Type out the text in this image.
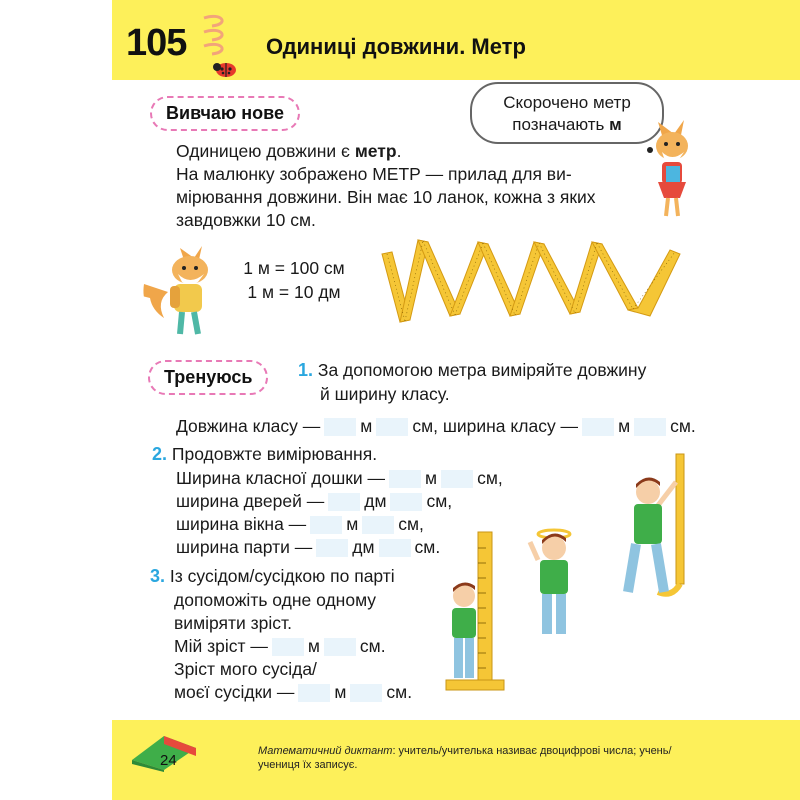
105	Одиниці довжини. Метр
Вивчаю нове
Скорочено метр
позначають м

Одиницею довжини є метр.

На малюнку зображено МЕТР — прилад для ви-

мірювання довжини. Він має 10 ланок, кожна з яких

завдовжки 10 см.

1 м = 100 см
1 м = 10 дм
Тренуюсь	1. За допомогою метра виміряйте довжину
й ширину класу.
Довжина класу — м см, ширина класу — м см.
2. Продовжте вимірювання.
Ширина класної дошки — м см,
ширина дверей — дм см,
ширина вікна — м см,
ширина парти — дм см.
3. Із сусідом/сусідкою по парті
допоможіть одне одному
виміряти зріст.
Мій зріст — м см.
Зріст мого сусіда/
моєї сусідки — м см.
24
Математичний диктант: учитель/учителька називає двоцифрові числа; учень/учениця їх записує.
